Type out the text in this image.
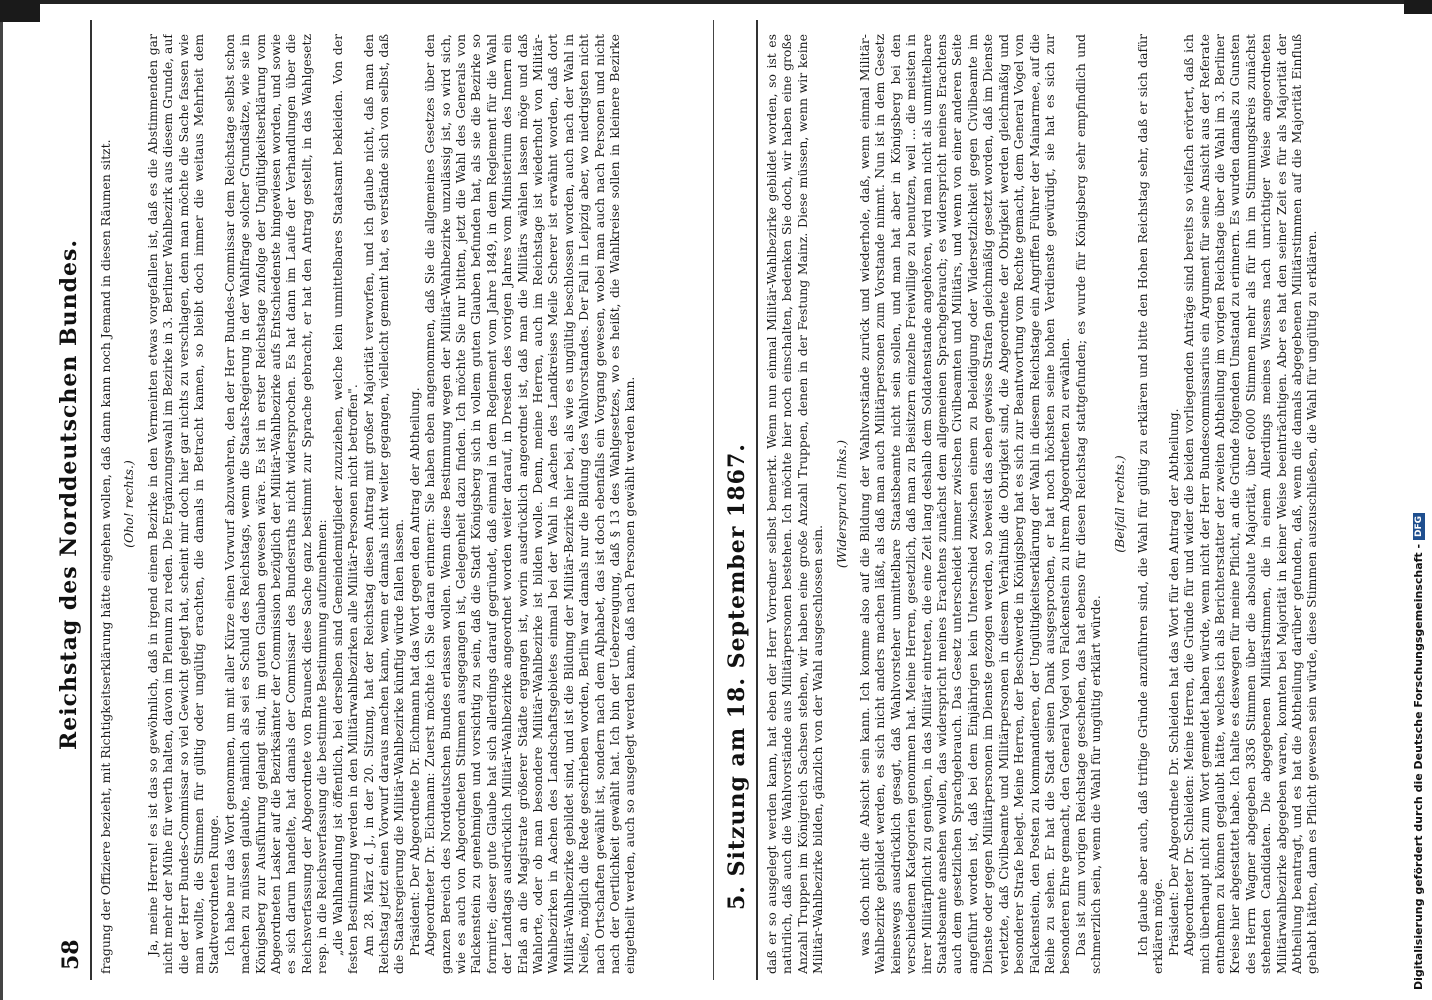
58
Reichstag des Norddeutschen Bundes. fragung der Offiziere bezieht, mit Richtigkeitserklärung hätte eingehen wollen, daß dann kann noch Jemand in diesen Räumen sitzt. (Oho! rechts.) Ja, meine Herren! es ist das so gewöhnlich, daß in irgend einem Bezirke in den Vermeinten etwas vorgefallen ist, daß es die Abstimmenden gar nicht mehr der Mühe für werth halten, davon im Plenum zu reden. Die Ergänzungswahl im Bezirke in 3. Berliner Wahlbezirk aus diesem Grunde, auf die der Herr Bundes-Commissar so viel Gewicht gelegt hat, scheint mir doch hier gar nichts zu verschlagen, denn man möchte die Sache fassen wie man wollte, die Stimmen für gültig oder ungültig erachten, die damals in Betracht kamen, so bleibt doch immer die weitaus Mehrheit dem Stadtverordneten Runge. Ich habe nur das Wort genommen, um mit aller Kürze einen Vorwurf abzuwehren, den der Herr Bundes-Commissar dem Reichstage selbst schon machen zu müssen glaubte, nämlich als sei es Schuld des Reichstags, wenn die Staats-Regierung in der Wahlfrage solcher Grundsätze, wie sie in Königsberg zur Ausführung gelangt sind, im guten Glauben gewesen wäre. Es ist in erster Reichstage zufolge der Ungültigkeitserklärung vom Abgeordneten Lasker auf die Bezirksämter der Commission bezüglich der Militär-Wahlbezirke aufs Entschiedenste hingewiesen worden, und sowie es sich darum handelte, hat damals der Commissar des Bundesraths nicht widersprochen. Es hat dann im Laufe der Verhandlungen über die Reichsverfassung der Abgeordnete von Brauneck diese Sache ganz bestimmt zur Sprache gebracht, er hat den Antrag gestellt, in das Wahlgesetz resp. in die Reichsverfassung die bestimmte Bestimmung aufzunehmen: „die Wahlhandlung ist öffentlich, bei derselben sind Gemeindemitglieder zuzuziehen, welche kein unmittelbares Staatsamt bekleiden. Von der festen Bestimmung werden in den Militärwahlbezirken alle Militär-Personen nicht betroffen". Am 28. März d. J., in der 20. Sitzung, hat der Reichstag diesen Antrag mit großer Majorität verworfen, und ich glaube nicht, daß man den Reichstag jetzt einen Vorwurf daraus machen kann, wenn er damals nicht weiter gegangen, vielleicht gemeint hat, es verstände sich von selbst, daß die Staatsregierung die Militär-Wahlbezirke künftig würde fallen lassen. Präsident: Der Abgeordnete Dr. Eichmann hat das Wort gegen den Antrag der Abtheilung. Abgeordneter Dr. Eichmann: Zuerst möchte ich Sie daran erinnern: Sie haben eben angenommen, daß Sie die allgemeines Gesetzes über den ganzen Bereich des Norddeutschen Bundes erlassen wollen. Wenn diese Bestimmung wegen der Militär-Wahlbezirke unzulässig ist, so wird sich, wie es auch von Abgeordneten Stimmen ausgegangen ist, Gelegenheit dazu finden. Ich möchte Sie nur bitten, jetzt die Wahl des Generals von Falckenstein zu genehmigen und vorsichtig zu sein, daß die Stadt Königsberg sich in vollem guten Glauben befunden hat, als sie die Bezirke so formirte; dieser gute Glaube hat sich allerdings darauf gegründet, daß einmal in dem Reglement vom Jahre 1849, in dem Reglement für die Wahl der Landtags ausdrücklich Militär-Wahlbezirke angeordnet worden weiter darauf, in Dresden des vorigen Jahres vom Ministerium des Innern ein Erlaß an die Magistrate größerer Städte ergangen ist, worin ausdrücklich angeordnet ist, daß man die Militärs wählen lassen möge und daß Wahlorte, oder ob man besondere Militär-Wahlbezirke ist bilden wolle. Denn, meine Herren, auch im Reichstage ist wiederholt von Militär-Wahlbezirken in Aachen des Landschaftsgebietes einmal bei der Wahl in Aachen des Landkreises Meile Scherer ist erwähnt worden, daß dort Militär-Wahlbezirke gebildet sind, und ist die Bildung der Militär-Bezirke hier bei, als wie es ungültig beschlossen worden, auch nach der Wahl in Neiße, möglich die Rede geschrieben worden, Berlin war damals nur die Bildung des Wahlvorstandes. Der Fall in Leipzig aber, wo niedrigsten nicht nach Ortschaften gewählt ist, sondern nach dem Alphabet, das ist doch ebenfalls ein Vorgang gewesen, wobei man auch nach Personen und nicht nach der Oertlichkeit gewählt hat. Ich bin der Ueberzeugung, daß § 13 des Wahlgesetzes, wo es heißt, die Wahlkreise sollen in kleinere Bezirke eingetheilt werden, auch so ausgelegt werden kann, daß nach Personen gewählt werden kann.	5. Sitzung am 18. September 1867. daß er so ausgelegt werden kann, hat eben der Herr Vorredner selbst bemerkt. Wenn nun einmal Militär-Wahlbezirke gebildet worden, so ist es natürlich, daß auch die Wahlvorstände aus Militärpersonen bestehen. Ich möchte hier noch einschalten, bedenken Sie doch, wir haben eine große Anzahl Truppen im Königreich Sachsen stehen, wir haben eine große Anzahl Truppen, denen in der Festung Mainz. Diese müssen, wenn wir keine Militär-Wahlbezirke bilden, gänzlich von der Wahl ausgeschlossen sein.

(Widerspruch links.) was doch nicht die Absicht sein kann. Ich komme also auf die Bildung der Wahlvorstände zurück und wiederhole, daß, wenn einmal Militär-Wahlbezirke gebildet werden, es sich nicht anders machen läßt, als daß man auch Militärpersonen zum Vorstande nimmt. Nun ist in dem Gesetz keineswegs ausdrücklich gesagt, daß Wahlvorsteher unmittelbare Staatsbeamte nicht sein sollen, und man hat aber in Königsberg bei den verschiedenen Kategorien genommen hat. Meine Herren, gesetzlich, daß man zu Beisitzern einzelne Freiwillige zu benutzen, weil ... die meisten in ihrer Militärpflicht zu genügen, in das Militär eintreten, die eine Zeit lang deshalb dem Soldatenstande angehören, wird man nicht als unmittelbare Staatsbeamte ansehen wollen, das widerspricht meines Erachtens zunächst dem allgemeinen Sprachgebrauch; es widerspricht meines Erachtens auch dem gesetzlichen Sprachgebrauch. Das Gesetz unterscheidet immer zwischen Civilbeamten und Militärs, und wenn von einer anderen Seite angeführt worden ist, daß bei dem Einjährigen kein Unterschied zwischen einem zu Beleidigung oder Widersetzlichkeit gegen Civilbeamte im Dienste oder gegen Militärpersonen im Dienste gezogen werden, so beweist das eben gewisse Strafen gleichmäßig gesetzt worden, daß im Dienste verletzte, daß Civilbeamte und Militärpersonen in diesem Verhältniß die Obrigkeit sind, die Abgeordnete der Obrigkeit werden gleichmäßig und besonderer Strafe belegt. Meine Herren, der Beschwerde in Königsberg hat es sich zur Beantwortung vom Rechte gemacht, dem General Vogel von Falckenstein, den Posten zu kommandieren, der Ungültigkeitserklärung der Wahl in diesem Reichstage ein Angriffen Führer der Mainarmee, auf die Reihe zu sehen. Er hat die Stadt seinen Dank ausgesprochen, er hat noch höchsten seine hohen Verdienste gewürdigt, sie hat es sich zur besonderen Ehre gemacht, den General Vogel von Falckenstein zu ihrem Abgeordneten zu erwählen. Das ist zum vorigen Reichstage geschehen, das hat ebenso für diesen Reichstag stattgefunden; es wurde für Königsberg sehr empfindlich und schmerzlich sein, wenn die Wahl für ungültig erklärt würde.

(Beifall rechts.) Ich glaube aber auch, daß triftige Gründe anzuführen sind, die Wahl für gültig zu erklären und bitte den Hohen Reichstag sehr, daß er sich dafür erklären möge. Präsident: Der Abgeordnete Dr. Schleiden hat das Wort für den Antrag der Abtheilung. Abgeordneter Dr. Schleiden: Meine Herren, die Gründe für und wider die beiden vorliegenden Anträge sind bereits so vielfach erörtert, daß ich mich überhaupt nicht zum Wort gemeldet haben würde, wenn nicht der Herr Bundescommissarius ein Argument für seine Ansicht aus der Referate entnehmen zu können geglaubt hätte, welches ich als Berichterstatter der zweiten Abtheilung im vorigen Reichstage über die Wahl im 3. Berliner Kreise hier abgestattet habe. Ich halte es deswegen für meine Pflicht, an die Gründe folgenden Umstand zu erinnern. Es wurden damals zu Gunsten des Herrn Wagner abgegeben 3836 Stimmen über die absolute Majorität, über 6000 Stimmen mehr als für ihn im Stimmungskreis zunächst stehenden Candidaten. Die abgegebenen Militärstimmen, die in einem Allerdings meines Wissens nach unrichtiger Weise angeordneten Militärwahlbezirke abgegeben waren, konnten bei Majorität in keiner Weise beeinträchtigen. Aber es hat den seiner Zeit es für als Majorität der Abtheilung beantragt, und es hat die Abtheilung darüber gefunden, daß, wenn die damals abgegebenen Militärstimmen auf die Majorität Einfluß gehabt hätten, dann es Pflicht gewesen sein würde, diese Stimmen auszuschließen, die Wahl für ungültig zu erklären.	Digitalisierung gefördert durch die Deutsche Forschungsgemeinschaft -
DFG
